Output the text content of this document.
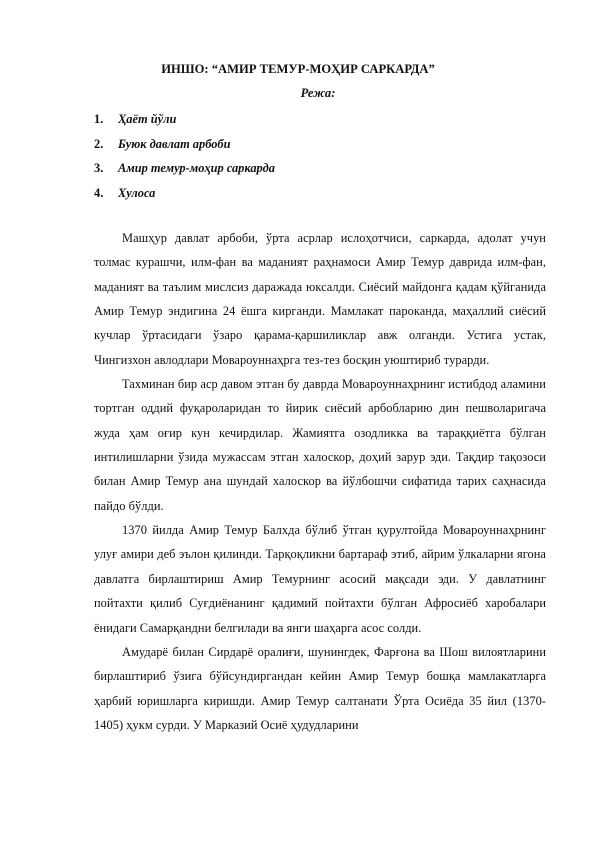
ИНШО: “АМИР ТЕМУР-МОҲИР САРКАРДА”
Режа:
1. Ҳаёт йўли
2. Буюк давлат арбоби
3. Амир темур-моҳир саркарда
4. Хулоса

Машҳур давлат арбоби, ўрта асрлар ислоҳотчиси, саркарда, адолат учун толмас курашчи, илм-фан ва маданият раҳнамоси Амир Темур даврида илм-фан, маданият ва таълим мислсиз даражада юксалди. Сиёсий майдонга қадам қўйганида Амир Темур эндигина 24 ёшга кирганди. Мамлакат пароканда, маҳаллий сиёсий кучлар ўртасидаги ўзаро қарама-қаршиликлар авж олганди. Устига устак, Чингизхон авлодлари Мовароуннаҳрга тез-тез босқин уюштириб турарди.

Тахминан бир аср давом этган бу даврда Мовароуннаҳрнинг истибдод аламини тортган оддий фуқароларидан то йирик сиёсий арбобларию дин пешволаригача жуда ҳам оғир кун кечирдилар. Жамиятга озодликка ва тараққиётга бўлган интилишларни ўзида мужассам этган халоскор, доҳий зарур эди. Тақдир тақозоси билан Амир Темур ана шундай халоскор ва йўлбошчи сифатида тарих саҳнасида пайдо бўлди.

1370 йилда Амир Темур Балхда бўлиб ўтган қурултойда Мовароуннаҳрнинг улуғ амири деб эълон қилинди. Тарқоқликни бартараф этиб, айрим ўлкаларни ягона давлатга бирлаштириш Амир Темурнинг асосий мақсади эди. У давлатнинг пойтахти қилиб Суғдиёнанинг қадимий пойтахти бўлган Афросиёб харобалари ёнидаги Самарқандни белгилади ва янги шаҳарга асос солди.

Амударё билан Сирдарё оралиғи, шунингдек, Фарғона ва Шош вилоятларини бирлаштириб ўзига бўйсундиргандан кейин Амир Темур бошқа мамлакатларга ҳарбий юришларга киришди. Амир Темур салтанати Ўрта Осиёда 35 йил (1370-1405) ҳукм сурди. У Марказий Осиё ҳудудларини
